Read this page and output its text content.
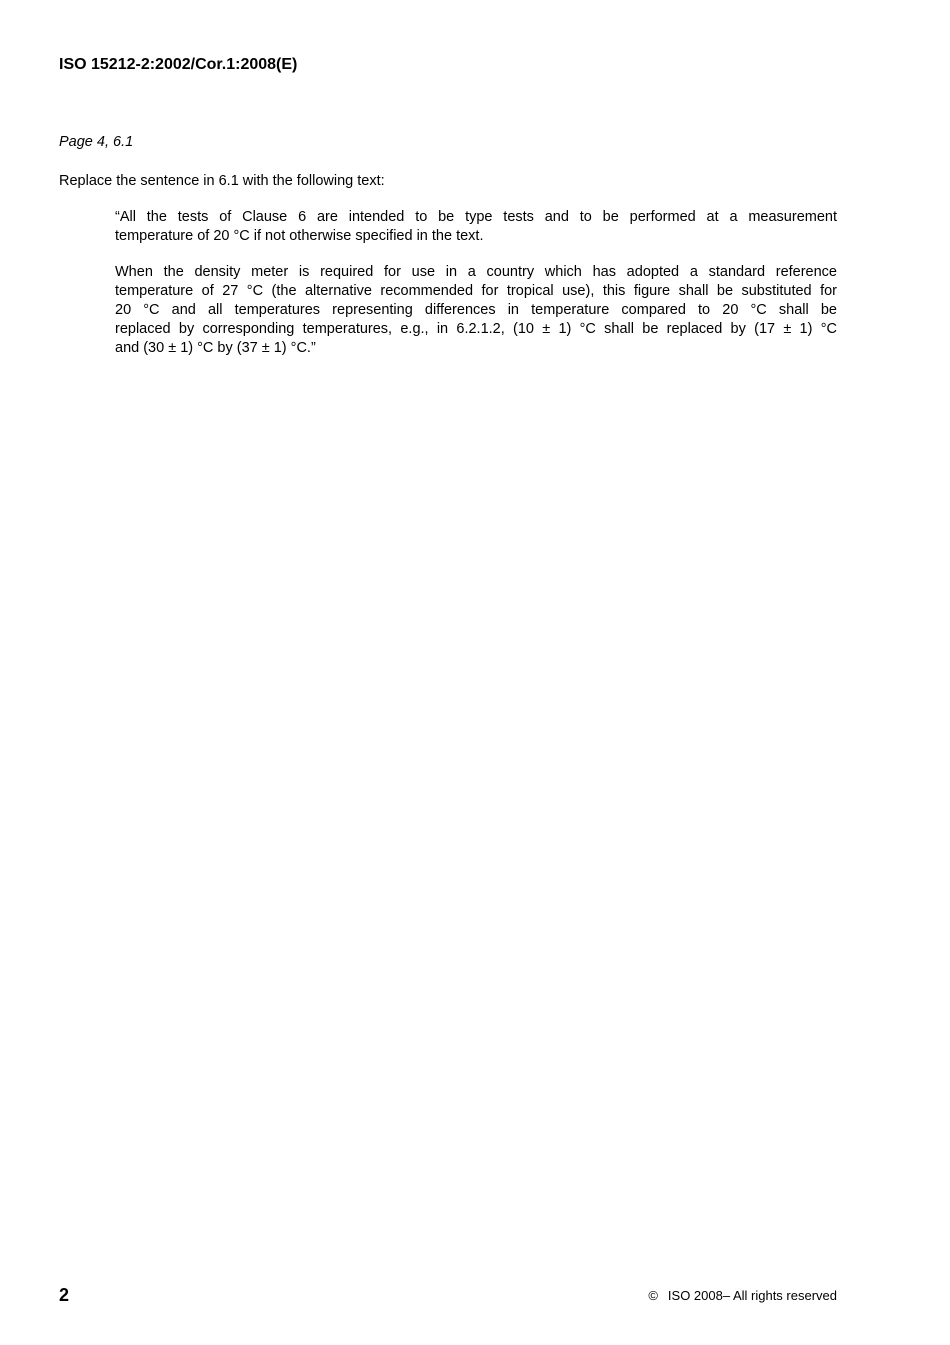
ISO 15212-2:2002/Cor.1:2008(E)
Page 4, 6.1
Replace the sentence in 6.1 with the following text:
“All the tests of Clause 6 are intended to be type tests and to be performed at a measurement
temperature of 20 °C if not otherwise specified in the text.
When the density meter is required for use in a country which has adopted a standard reference
temperature of 27 °C (the alternative recommended for tropical use), this figure shall be substituted for
20 °C and all temperatures representing differences in temperature compared to 20 °C shall be
replaced by corresponding temperatures, e.g., in 6.2.1.2, (10 ± 1) °C shall be replaced by (17 ± 1) °C
and (30 ± 1) °C by (37 ± 1) °C.”
2	© ISO 2008– All rights reserved
